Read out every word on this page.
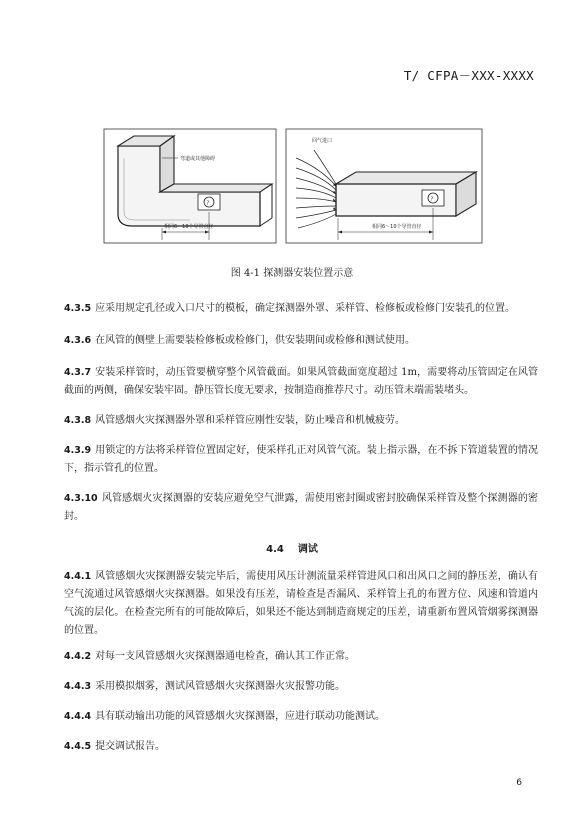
T/ CFPA－XXX-XXXX
?
弯道或其他障碍
相同6～10个导管直径
?
回气进口
相同6～10个导管直径
图 4-1 探测器安装位置示意
4.3.5 应采用规定孔径或入口尺寸的模板，确定探测器外罩、采样管、检修板或检修门安装孔的位置。
4.3.6 在风管的侧壁上需要装检修板或检修门，供安装期间或检修和测试使用。
4.3.7 安装采样管时，动压管要横穿整个风管截面。如果风管截面宽度超过 1m，需要将动压管固定在风管截面的两侧，确保安装牢固。静压管长度无要求，按制造商推荐尺寸。动压管末端需装堵头。
4.3.8 风管感烟火灾探测器外罩和采样管应刚性安装，防止噪音和机械疲劳。
4.3.9 用锁定的方法将采样管位置固定好，使采样孔正对风管气流。装上指示器，在不拆下管道装置的情况下，指示管孔的位置。
4.3.10 风管感烟火灾探测器的安装应避免空气泄露，需使用密封圈或密封胶确保采样管及整个探测器的密封。
4.4 调试
4.4.1 风管感烟火灾探测器安装完毕后，需使用风压计测流量采样管进风口和出风口之间的静压差，确认有空气流通过风管感烟火灾探测器。如果没有压差，请检查是否漏风、采样管上孔的布置方位、风速和管道内气流的层化。在检查完所有的可能故障后，如果还不能达到制造商规定的压差，请重新布置风管烟雾探测器的位置。
4.4.2 对每一支风管感烟火灾探测器通电检查，确认其工作正常。
4.4.3 采用模拟烟雾，测试风管感烟火灾探测器火灾报警功能。
4.4.4 具有联动输出功能的风管感烟火灾探测器，应进行联动功能测试。
4.4.5 提交调试报告。
6
